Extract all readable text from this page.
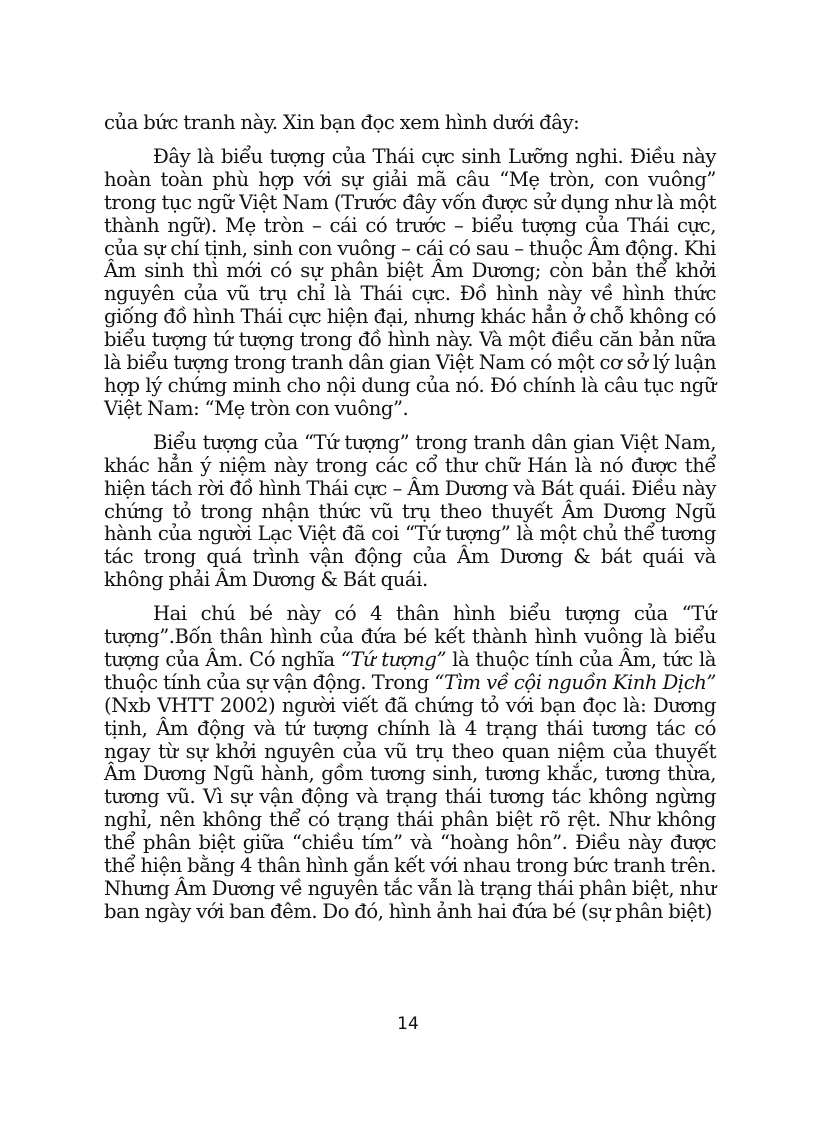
của bức tranh này. Xin bạn đọc xem hình dưới đây:

Đây là biểu tượng của Thái cực sinh Lưỡng nghi. Điều này hoàn toàn phù hợp với sự giải mã câu “Mẹ tròn, con vuông” trong tục ngữ Việt Nam (Trước đây vốn được sử dụng như là một thành ngữ). Mẹ tròn – cái có trước – biểu tượng của Thái cực, của sự chí tịnh, sinh con vuông – cái có sau – thuộc Âm động. Khi Âm sinh thì mới có sự phân biệt Âm Dương; còn bản thể khởi nguyên của vũ trụ chỉ là Thái cực. Đồ hình này về hình thức giống đồ hình Thái cực hiện đại, nhưng khác hẳn ở chỗ không có biểu tượng tứ tượng trong đồ hình này. Và một điều căn bản nữa là biểu tượng trong tranh dân gian Việt Nam có một cơ sở lý luận hợp lý chứng minh cho nội dung của nó. Đó chính là câu tục ngữ Việt Nam: “Mẹ tròn con vuông”.

Biểu tượng của “Tứ tượng” trong tranh dân gian Việt Nam, khác hẳn ý niệm này trong các cổ thư chữ Hán là nó được thể hiện tách rời đồ hình Thái cực – Âm Dương và Bát quái. Điều này chứng tỏ trong nhận thức vũ trụ theo thuyết Âm Dương Ngũ hành của người Lạc Việt đã coi “Tứ tượng” là một chủ thể tương tác trong quá trình vận động của Âm Dương & bát quái và không phải Âm Dương & Bát quái.

Hai chú bé này có 4 thân hình biểu tượng của “Tứ tượng”.Bốn thân hình của đứa bé kết thành hình vuông là biểu tượng của Âm. Có nghĩa “Tứ tượng” là thuộc tính của Âm, tức là thuộc tính của sự vận động. Trong “Tìm về cội nguồn Kinh Dịch” (Nxb VHTT 2002) người viết đã chứng tỏ với bạn đọc là: Dương tịnh, Âm động và tứ tượng chính là 4 trạng thái tương tác có ngay từ sự khởi nguyên của vũ trụ theo quan niệm của thuyết Âm Dương Ngũ hành, gồm tương sinh, tương khắc, tương thừa, tương vũ. Vì sự vận động và trạng thái tương tác không ngừng nghỉ, nên không thể có trạng thái phân biệt rõ rệt. Như không thể phân biệt giữa “chiều tím” và “hoàng hôn”. Điều này được thể hiện bằng 4 thân hình gắn kết với nhau trong bức tranh trên. Nhưng Âm Dương về nguyên tắc vẫn là trạng thái phân biệt, như ban ngày với ban đêm. Do đó, hình ảnh hai đứa bé (sự phân biệt)

14
